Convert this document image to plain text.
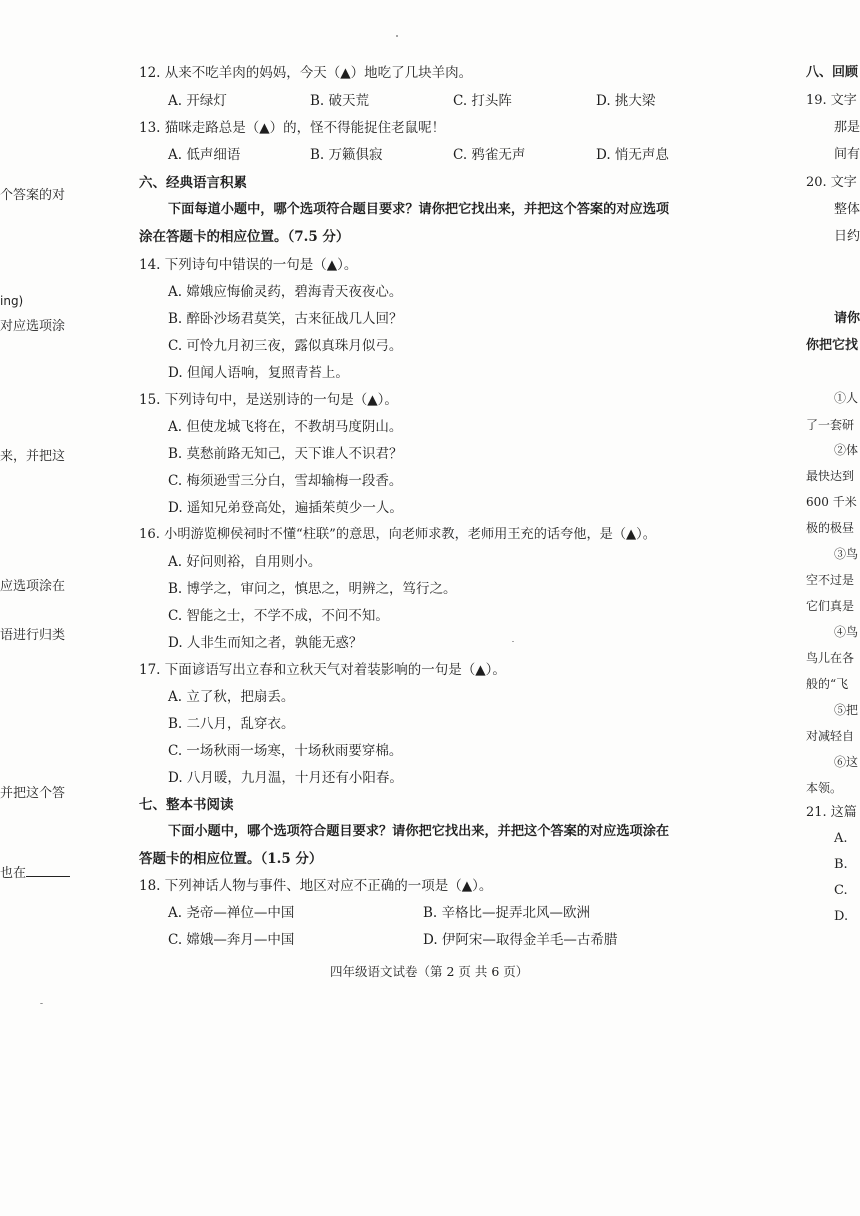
12. 从来不吃羊肉的妈妈，今天（▲）地吃了几块羊肉。
A. 开绿灯	B. 破天荒	C. 打头阵	D. 挑大梁
13. 猫咪走路总是（▲）的，怪不得能捉住老鼠呢！
A. 低声细语	B. 万籁俱寂	C. 鸦雀无声	D. 悄无声息
六、经典语言积累
下面每道小题中，哪个选项符合题目要求？请你把它找出来，并把这个答案的对应选项
涂在答题卡的相应位置。（7.5 分）
14. 下列诗句中错误的一句是（▲）。
A. 嫦娥应悔偷灵药，碧海青天夜夜心。
B. 醉卧沙场君莫笑，古来征战几人回？
C. 可怜九月初三夜，露似真珠月似弓。
D. 但闻人语响，复照青苔上。
15. 下列诗句中，是送别诗的一句是（▲）。
A. 但使龙城飞将在，不教胡马度阴山。
B. 莫愁前路无知己，天下谁人不识君？
C. 梅须逊雪三分白，雪却输梅一段香。
D. 遥知兄弟登高处，遍插茱萸少一人。
16. 小明游览柳侯祠时不懂“柱联”的意思，向老师求教，老师用王充的话夸他，是（▲）。
A. 好问则裕，自用则小。
B. 博学之，审问之，慎思之，明辨之，笃行之。
C. 智能之士，不学不成，不问不知。
D. 人非生而知之者，孰能无惑？
17. 下面谚语写出立春和立秋天气对着装影响的一句是（▲）。
A. 立了秋，把扇丢。
B. 二八月，乱穿衣。
C. 一场秋雨一场寒，十场秋雨要穿棉。
D. 八月暖，九月温，十月还有小阳春。
七、整本书阅读
下面小题中，哪个选项符合题目要求？请你把它找出来，并把这个答案的对应选项涂在
答题卡的相应位置。（1.5 分）
18. 下列神话人物与事件、地区对应不正确的一项是（▲）。
A. 尧帝—禅位—中国	B. 辛格比—捉弄北风—欧洲
C. 嫦娥—奔月—中国	D. 伊阿宋—取得金羊毛—古希腊
四年级语文试卷（第 2 页 共 6 页）
个答案的对
ing)
对应选项涂
来，并把这
应选项涂在
语进行归类
并把这个答
也在
八、回顾
19. 文字
那是
间有
20. 文字
整体
日约
请你
你把它找
①人
了一套研
②体
最快达到
600 千米
极的极昼
③鸟
空不过是
它们真是
④鸟
鸟儿在各
般的“飞
⑤把
对减轻自
⑥这
本领。
21. 这篇
A.
B.
C.
D.
